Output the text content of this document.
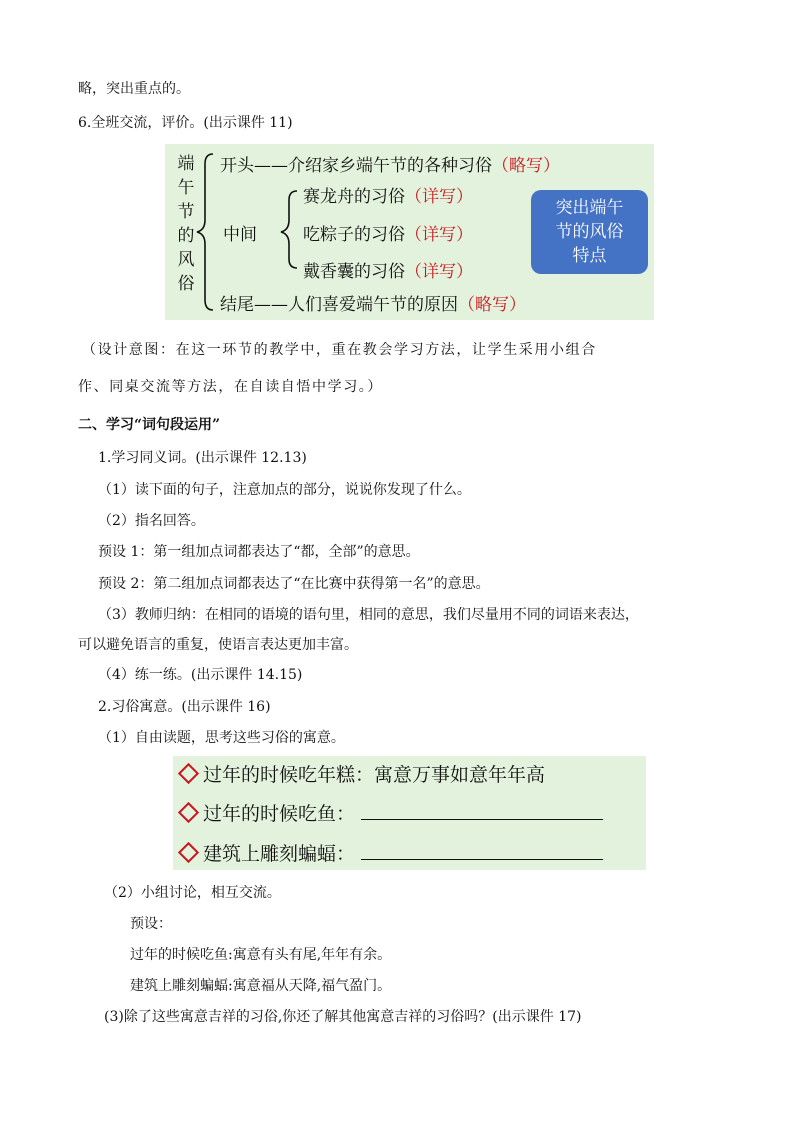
略，突出重点的。
6.全班交流，评价。(出示课件 11)
端
午
节
的
风
俗
开头——介绍家乡端午节的各种习俗（略写）
中间
赛龙舟的习俗（详写）
吃粽子的习俗（详写）
戴香囊的习俗（详写）
突出端午
节的风俗
特点
结尾——人们喜爱端午节的原因（略写）
（设计意图：在这一环节的教学中，重在教会学习方法，让学生采用小组合
作、同桌交流等方法，在自读自悟中学习。）
二、学习“词句段运用”
1.学习同义词。(出示课件 12.13)
（1）读下面的句子，注意加点的部分，说说你发现了什么。
（2）指名回答。
预设 1：第一组加点词都表达了“都，全部”的意思。
预设 2：第二组加点词都表达了“在比赛中获得第一名”的意思。
（3）教师归纳：在相同的语境的语句里，相同的意思，我们尽量用不同的词语来表达，
可以避免语言的重复，使语言表达更加丰富。
（4）练一练。(出示课件 14.15)
2.习俗寓意。(出示课件 16)
（1）自由读题，思考这些习俗的寓意。
过年的时候吃年糕：寓意万事如意年年高
过年的时候吃鱼：
建筑上雕刻蝙蝠：
（2）小组讨论，相互交流。
预设：
过年的时候吃鱼:寓意有头有尾,年年有余。
建筑上雕刻蝙蝠:寓意福从天降,福气盈门。
(3)除了这些寓意吉祥的习俗,你还了解其他寓意吉祥的习俗吗？(出示课件 17)
